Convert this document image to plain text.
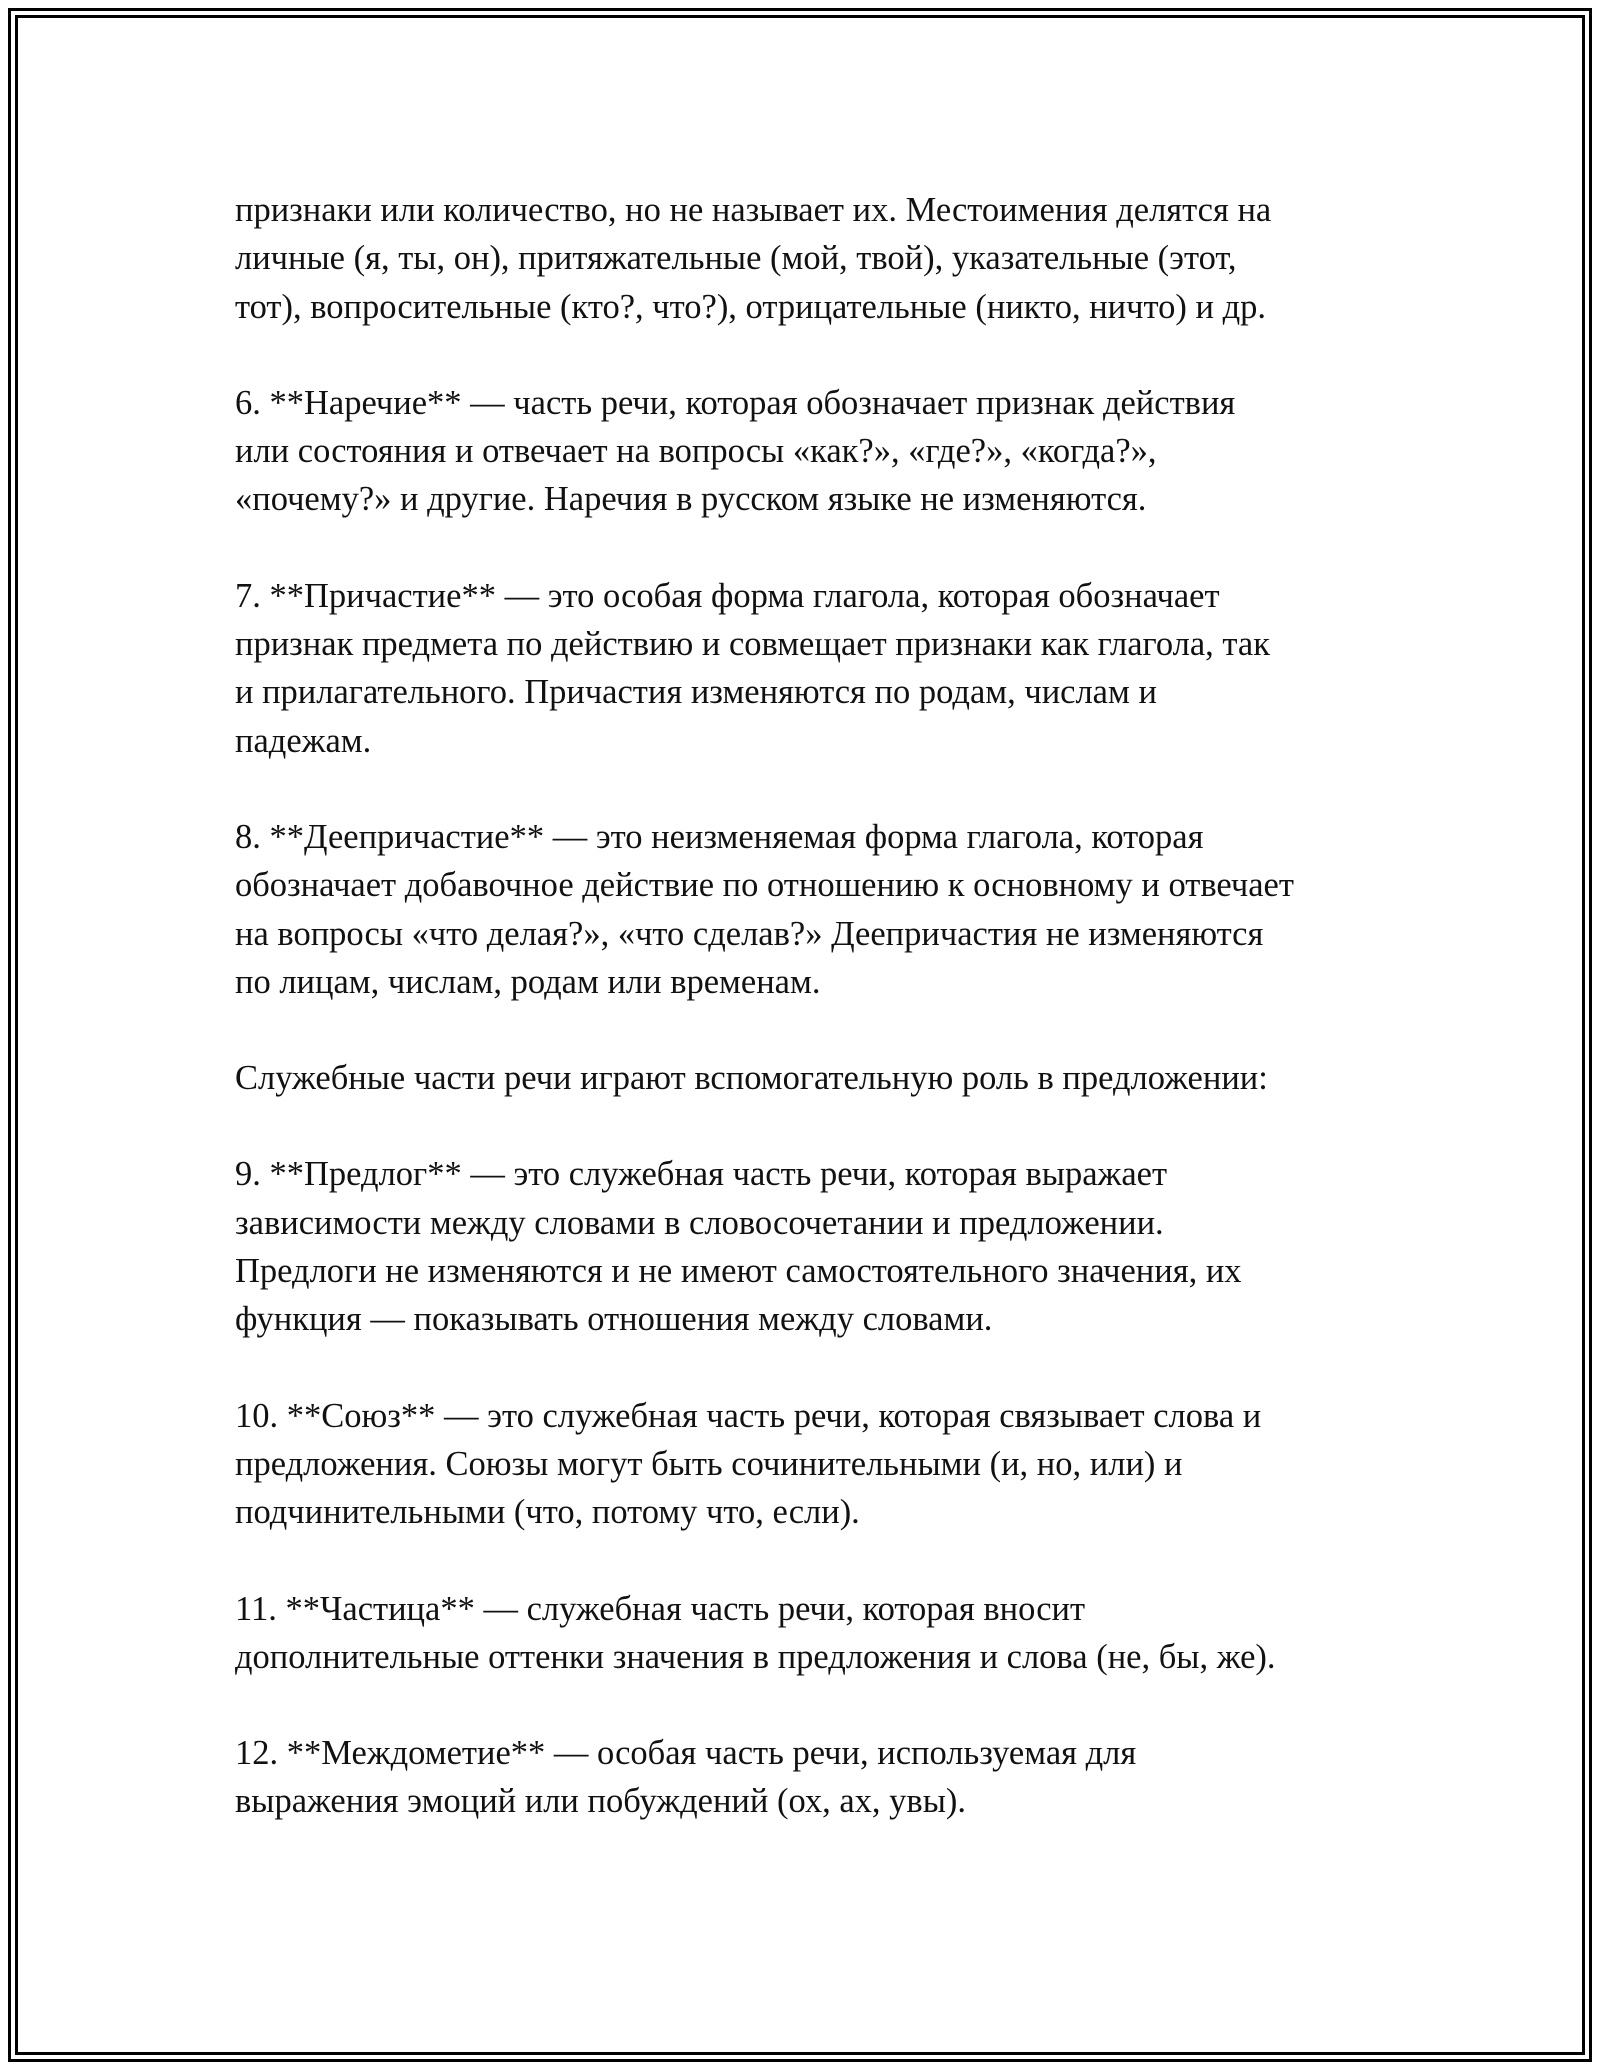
признаки или количество, но не называет их. Местоимения делятся на
личные (я, ты, он), притяжательные (мой, твой), указательные (этот,
тот), вопросительные (кто?, что?), отрицательные (никто, ничто) и др.

6. **Наречие** — часть речи, которая обозначает признак действия
или состояния и отвечает на вопросы «как?», «где?», «когда?»,
«почему?» и другие. Наречия в русском языке не изменяются.

7. **Причастие** — это особая форма глагола, которая обозначает
признак предмета по действию и совмещает признаки как глагола, так
и прилагательного. Причастия изменяются по родам, числам и
падежам.

8. **Деепричастие** — это неизменяемая форма глагола, которая
обозначает добавочное действие по отношению к основному и отвечает
на вопросы «что делая?», «что сделав?» Деепричастия не изменяются
по лицам, числам, родам или временам.

Служебные части речи играют вспомогательную роль в предложении:

9. **Предлог** — это служебная часть речи, которая выражает
зависимости между словами в словосочетании и предложении.
Предлоги не изменяются и не имеют самостоятельного значения, их
функция — показывать отношения между словами.

10. **Союз** — это служебная часть речи, которая связывает слова и
предложения. Союзы могут быть сочинительными (и, но, или) и
подчинительными (что, потому что, если).

11. **Частица** — служебная часть речи, которая вносит
дополнительные оттенки значения в предложения и слова (не, бы, же).

12. **Междометие** — особая часть речи, используемая для
выражения эмоций или побуждений (ох, ах, увы).
